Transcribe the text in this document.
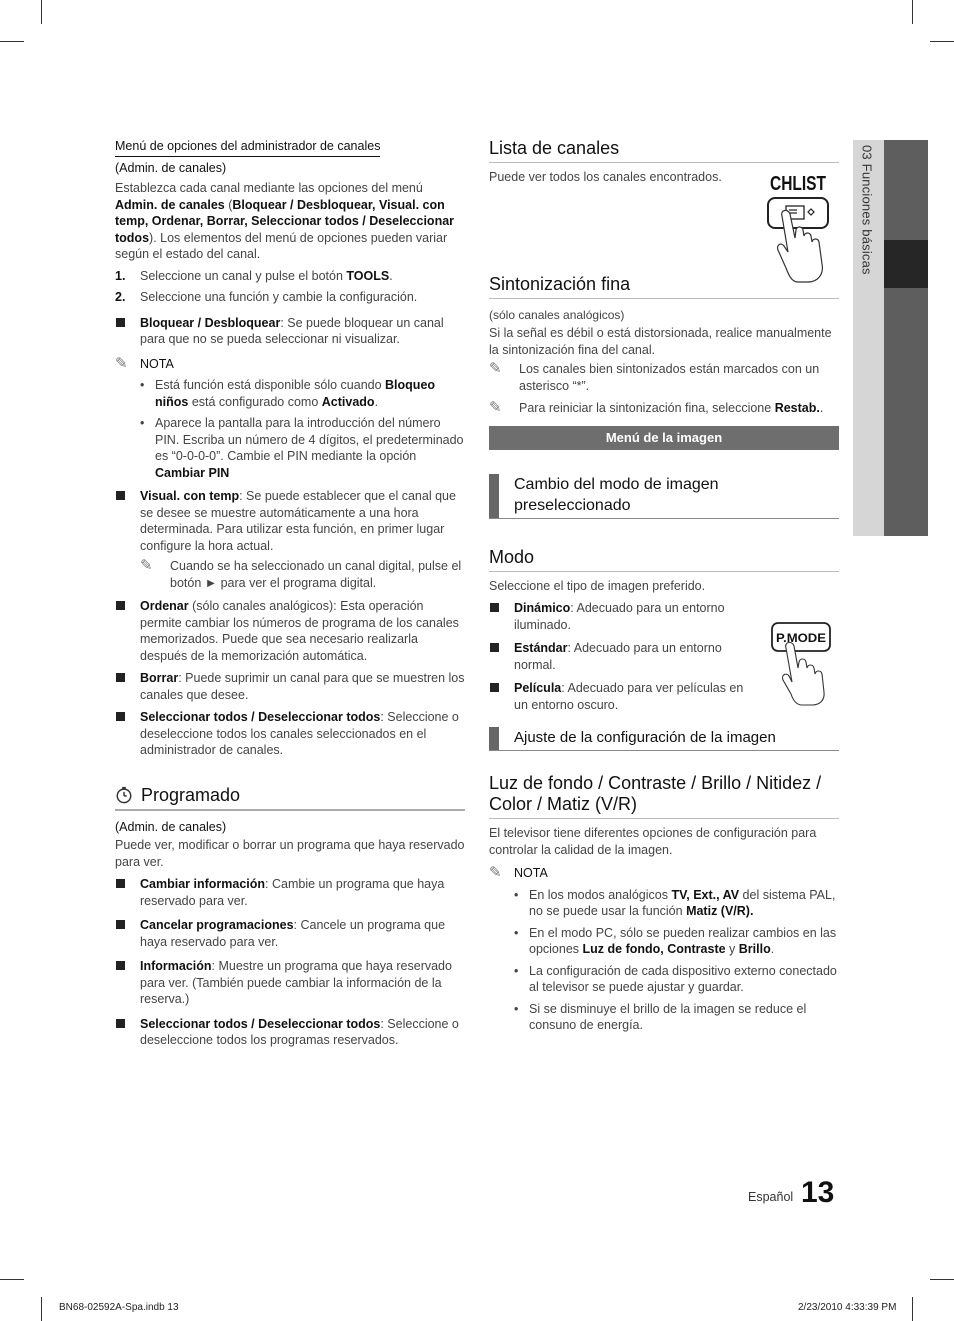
03 Funciones básicas
Menú de opciones del administrador de canales
(Admin. de canales)

Establezca cada canal mediante las opciones del menú Admin. de canales (Bloquear / Desbloquear, Visual. con temp, Ordenar, Borrar, Seleccionar todos / Deseleccionar todos). Los elementos del menú de opciones pueden variar según el estado del canal.

1. Seleccione un canal y pulse el botón TOOLS.
2. Seleccione una función y cambie la configuración.
Bloquear / Desbloquear: Se puede bloquear un canal para que no se pueda seleccionar ni visualizar.
✎ NOTA
• Está función está disponible sólo cuando Bloqueo niños está configurado como Activado.
• Aparece la pantalla para la introducción del número PIN. Escriba un número de 4 dígitos, el predeterminado es “0-0-0-0”. Cambie el PIN mediante la opción Cambiar PIN
Visual. con temp: Se puede establecer que el canal que se desee se muestre automáticamente a una hora determinada. Para utilizar esta función, en primer lugar configure la hora actual.
✎ Cuando se ha seleccionado un canal digital, pulse el botón ► para ver el programa digital.
Ordenar (sólo canales analógicos): Esta operación permite cambiar los números de programa de los canales memorizados. Puede que sea necesario realizarla después de la memorización automática.
Borrar: Puede suprimir un canal para que se muestren los canales que desee.
Seleccionar todos / Deseleccionar todos: Seleccione o deseleccione todos los canales seleccionados en el administrador de canales.
Programado
(Admin. de canales)

Puede ver, modificar o borrar un programa que haya reservado para ver.

Cambiar información: Cambie un programa que haya reservado para ver.
Cancelar programaciones: Cancele un programa que haya reservado para ver.
Información: Muestre un programa que haya reservado para ver. (También puede cambiar la información de la reserva.)
Seleccionar todos / Deseleccionar todos: Seleccione o deseleccione todos los programas reservados.
Lista de canales

Puede ver todos los canales encontrados.

Sintonización fina
(sólo canales analógicos)

Si la señal es débil o está distorsionada, realice manualmente la sintonización fina del canal.

✎ Los canales bien sintonizados están marcados con un asterisco “*”.
✎ Para reiniciar la sintonización fina, seleccione Restab..
Menú de la imagen
Cambio del modo de imagen preseleccionado
Modo

Seleccione el tipo de imagen preferido.

Dinámico: Adecuado para un entorno iluminado.
Estándar: Adecuado para un entorno normal.
Película: Adecuado para ver películas en un entorno oscuro.
Ajuste de la configuración de la imagen
Luz de fondo / Contraste / Brillo / Nitidez / Color / Matiz (V/R)

El televisor tiene diferentes opciones de configuración para controlar la calidad de la imagen.

✎ NOTA
• En los modos analógicos TV, Ext., AV del sistema PAL, no se puede usar la función Matiz (V/R).
• En el modo PC, sólo se pueden realizar cambios en las opciones Luz de fondo, Contraste y Brillo.
• La configuración de cada dispositivo externo conectado al televisor se puede ajustar y guardar.
• Si se disminuye el brillo de la imagen se reduce el consuno de energía.
CHLIST
P.MODE
Español 13
BN68-02592A-Spa.indb 13	2/23/2010 4:33:39 PM
